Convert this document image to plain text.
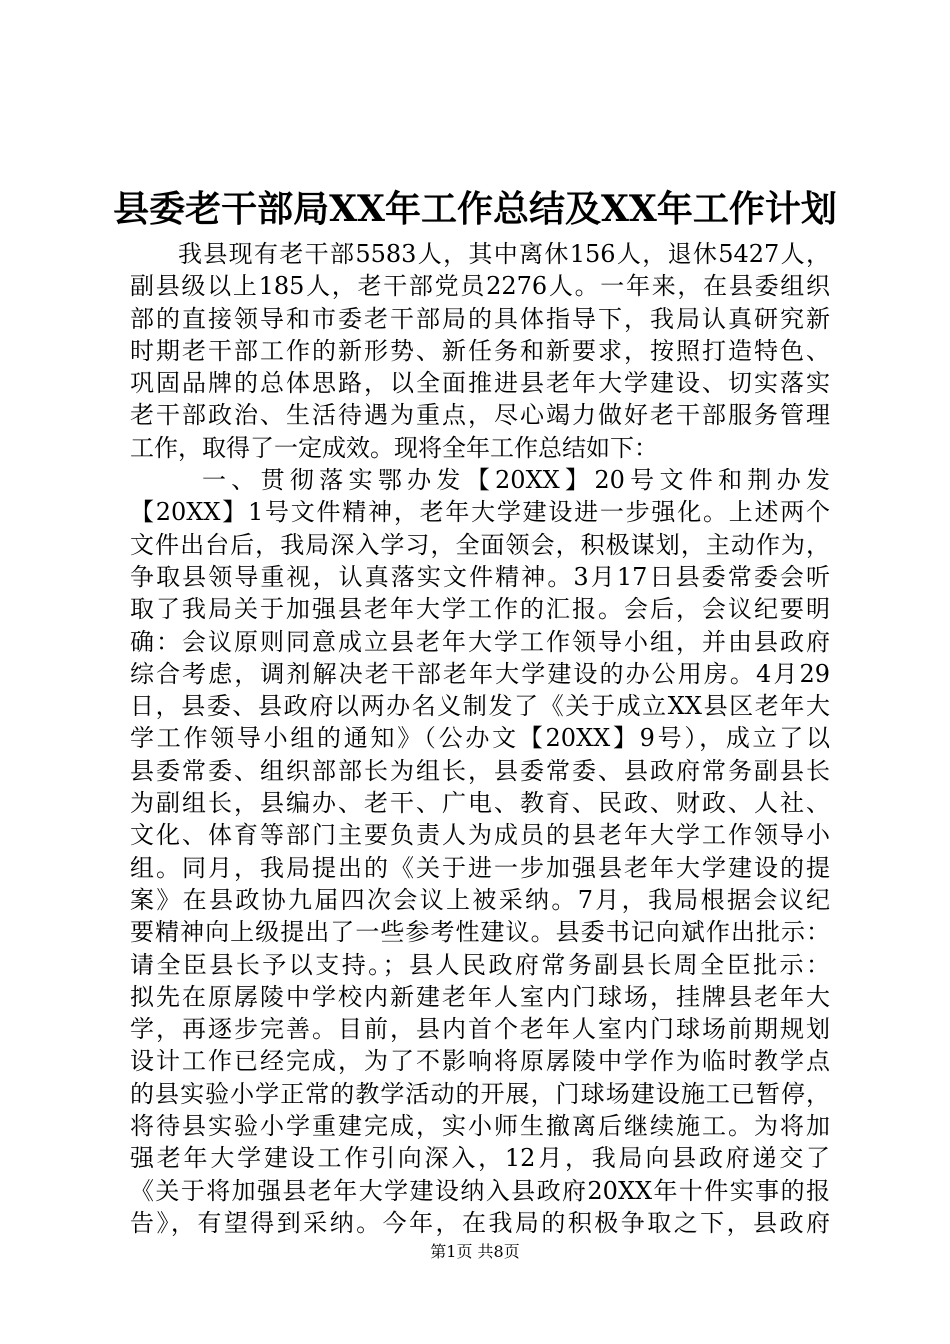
县委老干部局XX年工作总结及XX年工作计划
我县现有老干部5583人，其中离休156人，退休5427人，
副县级以上185人，老干部党员2276人。一年来，在县委组织
部的直接领导和市委老干部局的具体指导下，我局认真研究新
时期老干部工作的新形势、新任务和新要求，按照打造特色、
巩固品牌的总体思路，以全面推进县老年大学建设、切实落实
老干部政治、生活待遇为重点，尽心竭力做好老干部服务管理
工作，取得了一定成效。现将全年工作总结如下：
一、贯彻落实鄂办发【20XX】20号文件和荆办发
【20XX】1号文件精神，老年大学建设进一步强化。上述两个
文件出台后，我局深入学习，全面领会，积极谋划，主动作为，
争取县领导重视，认真落实文件精神。3月17日县委常委会听
取了我局关于加强县老年大学工作的汇报。会后，会议纪要明
确：会议原则同意成立县老年大学工作领导小组，并由县政府
综合考虑，调剂解决老干部老年大学建设的办公用房。4月29
日，县委、县政府以两办名义制发了《关于成立XX县区老年大
学工作领导小组的通知》（公办文【20XX】9号），成立了以
县委常委、组织部部长为组长，县委常委、县政府常务副县长
为副组长，县编办、老干、广电、教育、民政、财政、人社、
文化、体育等部门主要负责人为成员的县老年大学工作领导小
组。同月，我局提出的《关于进一步加强县老年大学建设的提
案》在县政协九届四次会议上被采纳。7月，我局根据会议纪
要精神向上级提出了一些参考性建议。县委书记向斌作出批示：
请全臣县长予以支持。；县人民政府常务副县长周全臣批示：
拟先在原孱陵中学校内新建老年人室内门球场，挂牌县老年大
学，再逐步完善。目前，县内首个老年人室内门球场前期规划
设计工作已经完成，为了不影响将原孱陵中学作为临时教学点
的县实验小学正常的教学活动的开展，门球场建设施工已暂停，
将待县实验小学重建完成，实小师生撤离后继续施工。为将加
强老年大学建设工作引向深入，12月，我局向县政府递交了
《关于将加强县老年大学建设纳入县政府20XX年十件实事的报
告》，有望得到采纳。今年，在我局的积极争取之下，县政府
第1页 共8页
